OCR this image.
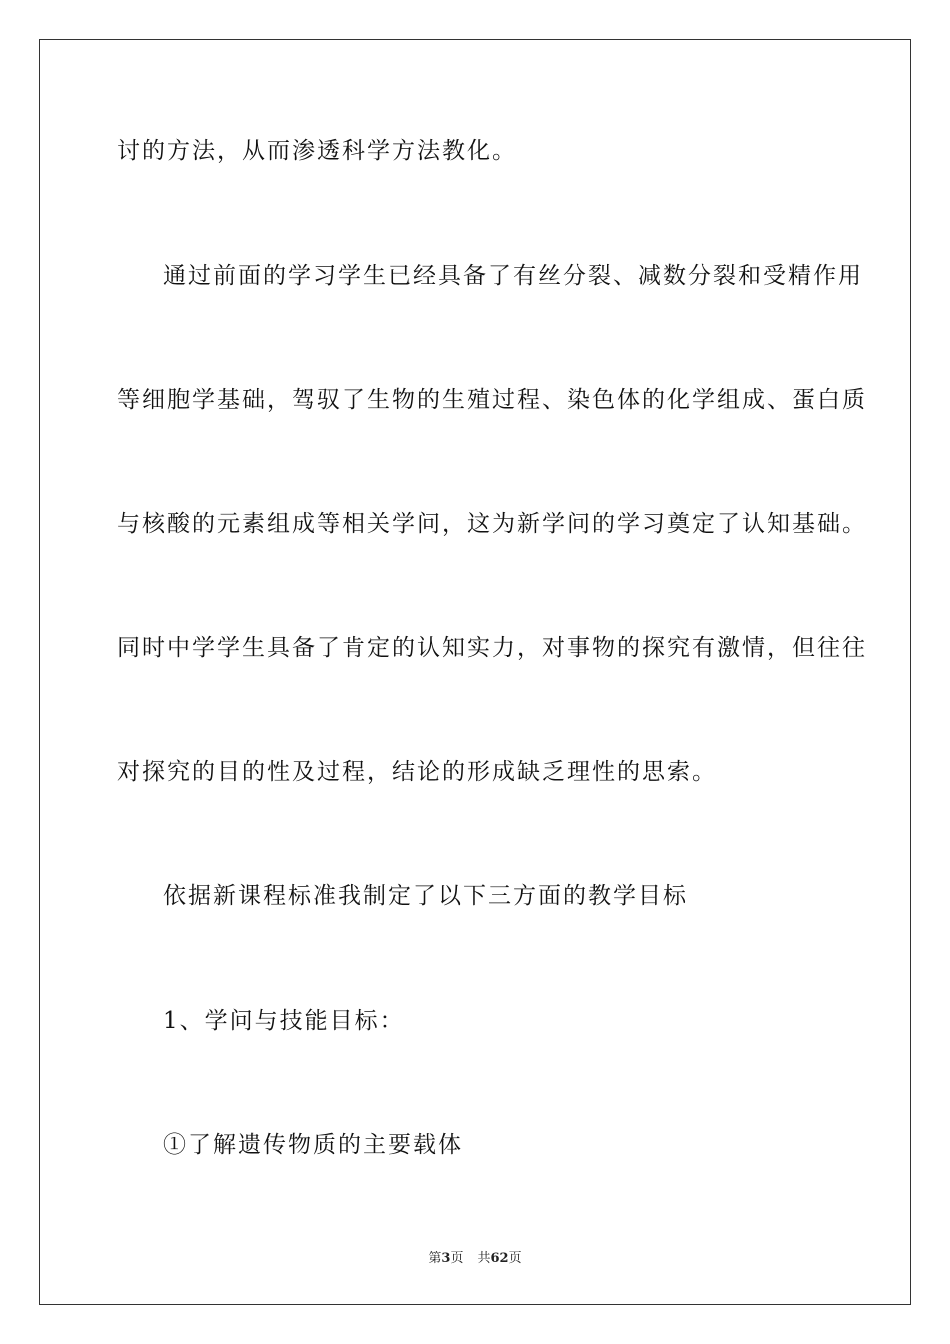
讨的方法，从而渗透科学方法教化。
通过前面的学习学生已经具备了有丝分裂、减数分裂和受精作用
等细胞学基础，驾驭了生物的生殖过程、染色体的化学组成、蛋白质
与核酸的元素组成等相关学问，这为新学问的学习奠定了认知基础。
同时中学学生具备了肯定的认知实力，对事物的探究有激情，但往往
对探究的目的性及过程，结论的形成缺乏理性的思索。
依据新课程标准我制定了以下三方面的教学目标
1、学问与技能目标：
①了解遗传物质的主要载体
第3页 共62页
